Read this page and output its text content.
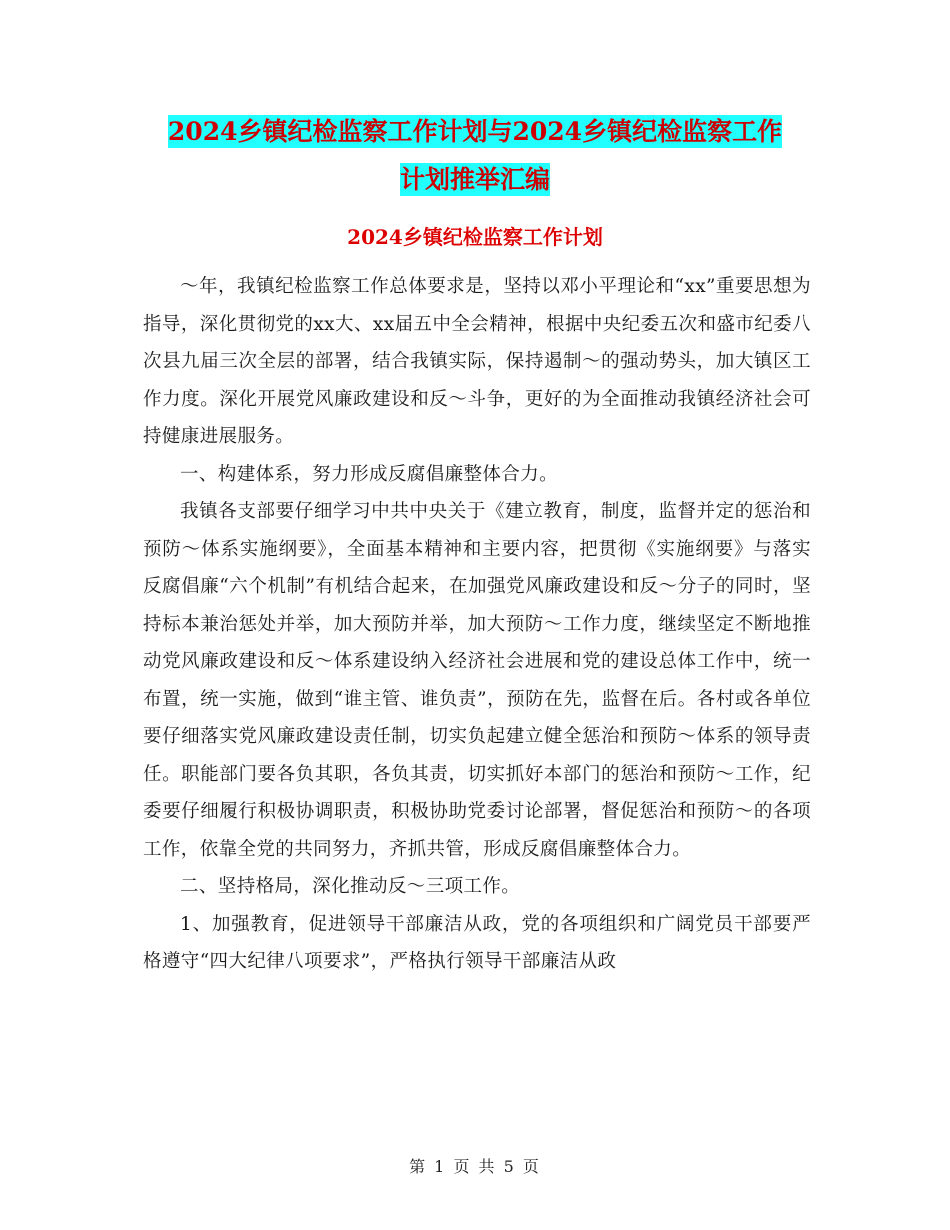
2024乡镇纪检监察工作计划与2024乡镇纪检监察工作
计划推举汇编
2024乡镇纪检监察工作计划

～年，我镇纪检监察工作总体要求是，坚持以邓小平理论和“xx”重要思想为指导，深化贯彻党的xx大、xx届五中全会精神，根据中央纪委五次和盛市纪委八次县九届三次全层的部署，结合我镇实际，保持遏制～的强动势头，加大镇区工作力度。深化开展党风廉政建设和反～斗争，更好的为全面推动我镇经济社会可持健康进展服务。

一、构建体系，努力形成反腐倡廉整体合力。

我镇各支部要仔细学习中共中央关于《建立教育，制度，监督并定的惩治和预防～体系实施纲要》，全面基本精神和主要内容，把贯彻《实施纲要》与落实反腐倡廉“六个机制”有机结合起来，在加强党风廉政建设和反～分子的同时，坚持标本兼治惩处并举，加大预防并举，加大预防～工作力度，继续坚定不断地推动党风廉政建设和反～体系建设纳入经济社会进展和党的建设总体工作中，统一布置，统一实施，做到“谁主管、谁负责”，预防在先，监督在后。各村或各单位要仔细落实党风廉政建设责任制，切实负起建立健全惩治和预防～体系的领导责任。职能部门要各负其职，各负其责，切实抓好本部门的惩治和预防～工作，纪委要仔细履行积极协调职责，积极协助党委讨论部署，督促惩治和预防～的各项工作，依靠全党的共同努力，齐抓共管，形成反腐倡廉整体合力。

二、坚持格局，深化推动反～三项工作。

1、加强教育，促进领导干部廉洁从政，党的各项组织和广阔党员干部要严格遵守“四大纪律八项要求”，严格执行领导干部廉洁从政

第 1 页 共 5 页
